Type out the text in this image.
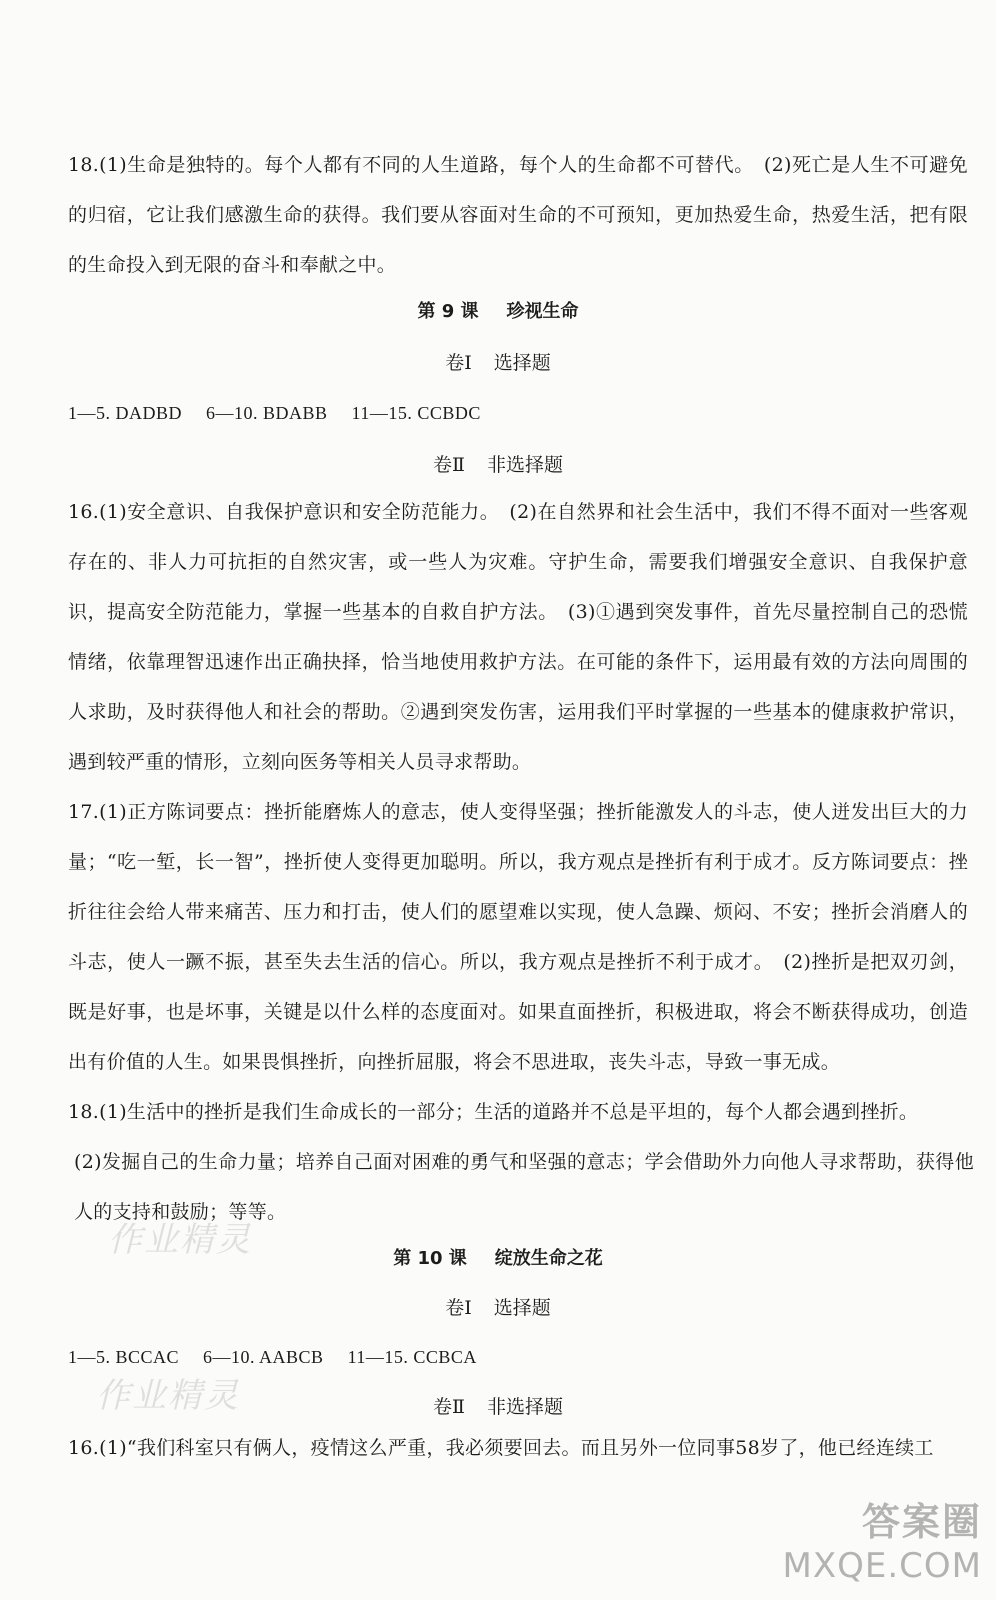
18.(1)生命是独特的。每个人都有不同的人生道路，每个人的生命都不可替代。　(2)死亡是人生不可避免的归宿，它让我们感激生命的获得。我们要从容面对生命的不可预知，更加热爱生命，热爱生活，把有限的生命投入到无限的奋斗和奉献之中。

第 9 课 珍视生命

卷Ⅰ 选择题

1—5. DADBD 6—10. BDABB 11—15. CCBDC

卷Ⅱ 非选择题

16.(1)安全意识、自我保护意识和安全防范能力。　(2)在自然界和社会生活中，我们不得不面对一些客观存在的、非人力可抗拒的自然灾害，或一些人为灾难。守护生命，需要我们增强安全意识、自我保护意识，提高安全防范能力，掌握一些基本的自救自护方法。　(3)①遇到突发事件，首先尽量控制自己的恐慌情绪，依靠理智迅速作出正确抉择，恰当地使用救护方法。在可能的条件下，运用最有效的方法向周围的人求助，及时获得他人和社会的帮助。②遇到突发伤害，运用我们平时掌握的一些基本的健康救护常识，遇到较严重的情形，立刻向医务等相关人员寻求帮助。

17.(1)正方陈词要点：挫折能磨炼人的意志，使人变得坚强；挫折能激发人的斗志，使人迸发出巨大的力量；“吃一堑，长一智”，挫折使人变得更加聪明。所以，我方观点是挫折有利于成才。反方陈词要点：挫折往往会给人带来痛苦、压力和打击，使人们的愿望难以实现，使人急躁、烦闷、不安；挫折会消磨人的斗志，使人一蹶不振，甚至失去生活的信心。所以，我方观点是挫折不利于成才。　(2)挫折是把双刃剑，既是好事，也是坏事，关键是以什么样的态度面对。如果直面挫折，积极进取，将会不断获得成功，创造出有价值的人生。如果畏惧挫折，向挫折屈服，将会不思进取，丧失斗志，导致一事无成。

18.(1)生活中的挫折是我们生命成长的一部分；生活的道路并不总是平坦的，每个人都会遇到挫折。

(2)发掘自己的生命力量；培养自己面对困难的勇气和坚强的意志；学会借助外力向他人寻求帮助，获得他人的支持和鼓励；等等。

第 10 课 绽放生命之花

卷Ⅰ 选择题

1—5. BCCAC 6—10. AABCB 11—15. CCBCA

卷Ⅱ 非选择题

16.(1)“我们科室只有俩人，疫情这么严重，我必须要回去。而且另外一位同事58岁了，他已经连续工

作业精灵
作业精灵
答案圈
MXQE.COM
